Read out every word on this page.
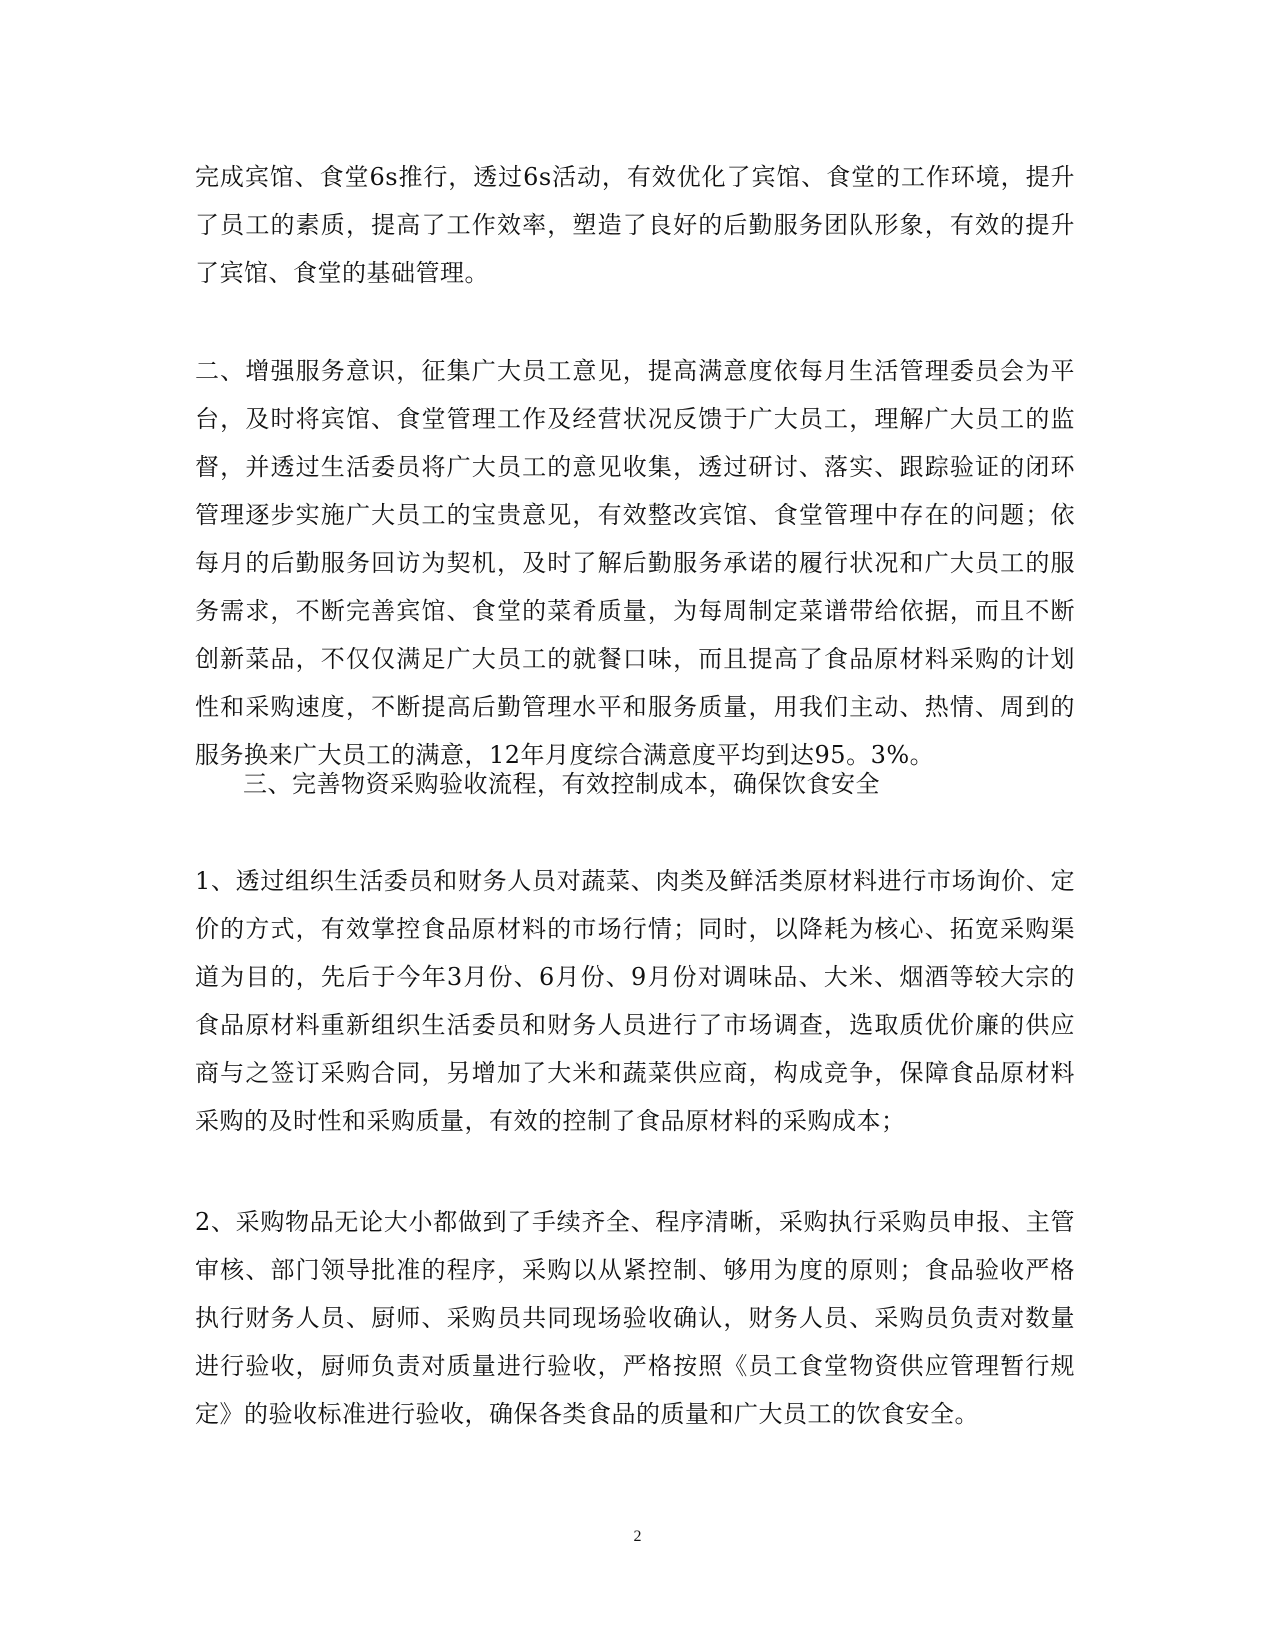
完成宾馆、食堂6s推行，透过6s活动，有效优化了宾馆、食堂的工作环境，提升了员工的素质，提高了工作效率，塑造了良好的后勤服务团队形象，有效的提升了宾馆、食堂的基础管理。

二、增强服务意识，征集广大员工意见，提高满意度依每月生活管理委员会为平台，及时将宾馆、食堂管理工作及经营状况反馈于广大员工，理解广大员工的监督，并透过生活委员将广大员工的意见收集，透过研讨、落实、跟踪验证的闭环管理逐步实施广大员工的宝贵意见，有效整改宾馆、食堂管理中存在的问题；依每月的后勤服务回访为契机，及时了解后勤服务承诺的履行状况和广大员工的服务需求，不断完善宾馆、食堂的菜肴质量，为每周制定菜谱带给依据，而且不断创新菜品，不仅仅满足广大员工的就餐口味，而且提高了食品原材料采购的计划性和采购速度，不断提高后勤管理水平和服务质量，用我们主动、热情、周到的服务换来广大员工的满意，12年月度综合满意度平均到达95。3%。

三、完善物资采购验收流程，有效控制成本，确保饮食安全

1、透过组织生活委员和财务人员对蔬菜、肉类及鲜活类原材料进行市场询价、定价的方式，有效掌控食品原材料的市场行情；同时，以降耗为核心、拓宽采购渠道为目的，先后于今年3月份、6月份、9月份对调味品、大米、烟酒等较大宗的食品原材料重新组织生活委员和财务人员进行了市场调查，选取质优价廉的供应商与之签订采购合同，另增加了大米和蔬菜供应商，构成竞争，保障食品原材料采购的及时性和采购质量，有效的控制了食品原材料的采购成本；

2、采购物品无论大小都做到了手续齐全、程序清晰，采购执行采购员申报、主管审核、部门领导批准的程序，采购以从紧控制、够用为度的原则；食品验收严格执行财务人员、厨师、采购员共同现场验收确认，财务人员、采购员负责对数量进行验收，厨师负责对质量进行验收，严格按照《员工食堂物资供应管理暂行规定》的验收标准进行验收，确保各类食品的质量和广大员工的饮食安全。

2
